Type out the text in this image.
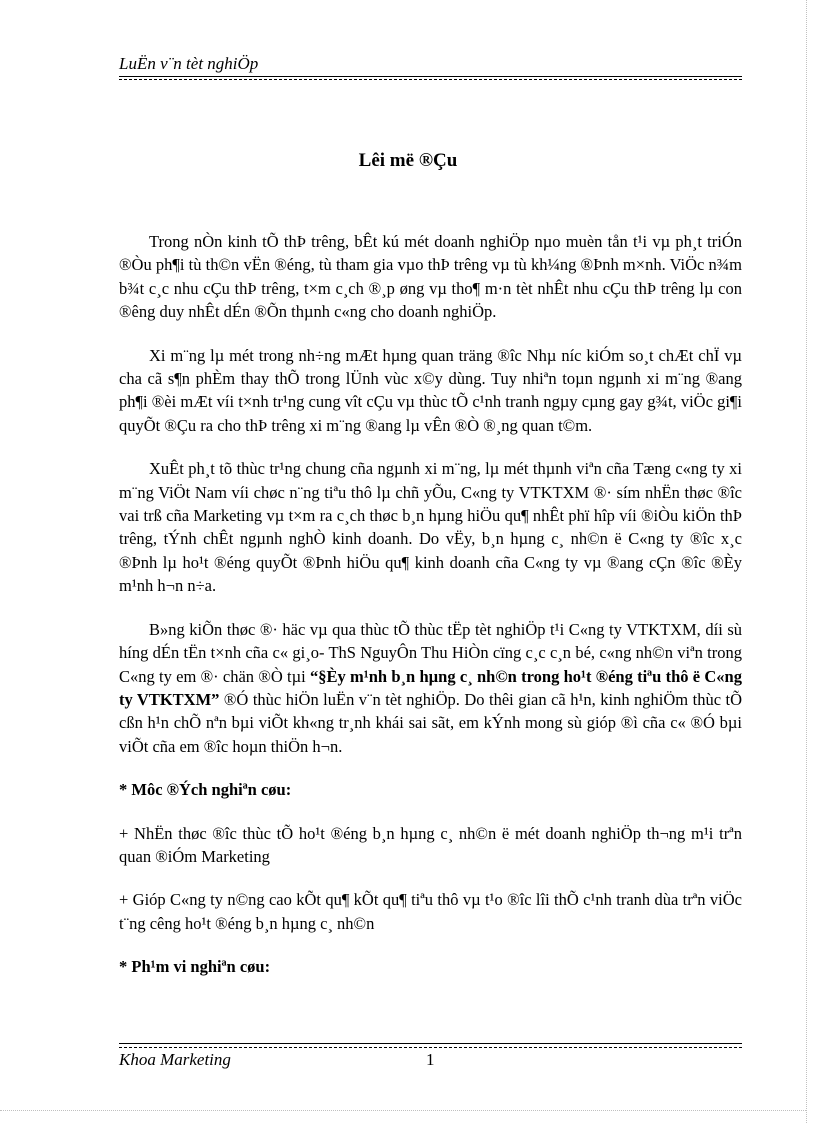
LuËn v¨n tèt nghiÖp
Lêi më ®Çu

Trong nÒn kinh tÕ thÞ trêng, bÊt kú mét doanh nghiÖp nµo muèn tån t¹i vµ ph¸t triÓn ®Òu ph¶i tù th©n vËn ®éng, tù tham gia vµo thÞ trêng vµ tù kh¼ng ®Þnh m×nh. ViÖc n¾m b¾t c¸c nhu cÇu thÞ trêng, t×m c¸ch ®¸p øng vµ tho¶ m·n tèt nhÊt nhu cÇu thÞ trêng lµ con ®êng duy nhÊt dÉn ®Õn thµnh c«ng cho doanh nghiÖp.

Xi m¨ng lµ mét trong nh÷ng mÆt hµng quan träng ®îc Nhµ níc kiÓm so¸t chÆt chÏ vµ cha cã s¶n phÈm thay thÕ trong lÜnh vùc x©y dùng. Tuy nhiªn toµn ngµnh xi m¨ng ®ang ph¶i ®èi mÆt víi t×nh tr¹ng cung vît cÇu vµ thùc tÕ c¹nh tranh ngµy cµng gay g¾t, viÖc gi¶i quyÕt ®Çu ra cho thÞ trêng xi m¨ng ®ang lµ vÊn ®Ò ®¸ng quan t©m.

XuÊt ph¸t tõ thùc tr¹ng chung cña ngµnh xi m¨ng, lµ mét thµnh viªn cña Tæng c«ng ty xi m¨ng ViÖt Nam víi chøc n¨ng tiªu thô lµ chñ yÕu, C«ng ty VTKTXM ®· sím nhËn thøc ®îc vai trß cña Marketing vµ t×m ra c¸ch thøc b¸n hµng hiÖu qu¶ nhÊt phï hîp víi ®iÒu kiÖn thÞ trêng, tÝnh chÊt ngµnh nghÒ kinh doanh. Do vËy, b¸n hµng c¸ nh©n ë C«ng ty ®îc x¸c ®Þnh lµ ho¹t ®éng quyÕt ®Þnh hiÖu qu¶ kinh doanh cña C«ng ty vµ ®ang cÇn ®îc ®Èy m¹nh h¬n n÷a.

B»ng kiÕn thøc ®· häc vµ qua thùc tÕ thùc tËp tèt nghiÖp t¹i C«ng ty VTKTXM, díi sù híng dÉn tËn t×nh cña c« gi¸o- ThS NguyÔn Thu HiÒn cïng c¸c c¸n bé, c«ng nh©n viªn trong C«ng ty em ®· chän ®Ò tµi “§Èy m¹nh b¸n hµng c¸ nh©n trong ho¹t ®éng tiªu thô ë C«ng ty VTKTXM” ®Ó thùc hiÖn luËn v¨n tèt nghiÖp. Do thêi gian cã h¹n, kinh nghiÖm thùc tÕ cßn h¹n chÕ nªn bµi viÕt kh«ng tr¸nh khái sai sãt, em kÝnh mong sù gióp ®ì cña c« ®Ó bµi viÕt cña em ®îc hoµn thiÖn h¬n.

* Môc ®Ých nghiªn cøu:

+ NhËn thøc ®îc thùc tÕ ho¹t ®éng b¸n hµng c¸ nh©n ë mét doanh nghiÖp th¬ng m¹i trªn quan ®iÓm Marketing

+ Gióp C«ng ty n©ng cao kÕt qu¶ kÕt qu¶ tiªu thô vµ t¹o ®îc lîi thÕ c¹nh tranh dùa trªn viÖc t¨ng cêng ho¹t ®éng b¸n hµng c¸ nh©n

* Ph¹m vi nghiªn cøu:
Khoa Marketing	1
